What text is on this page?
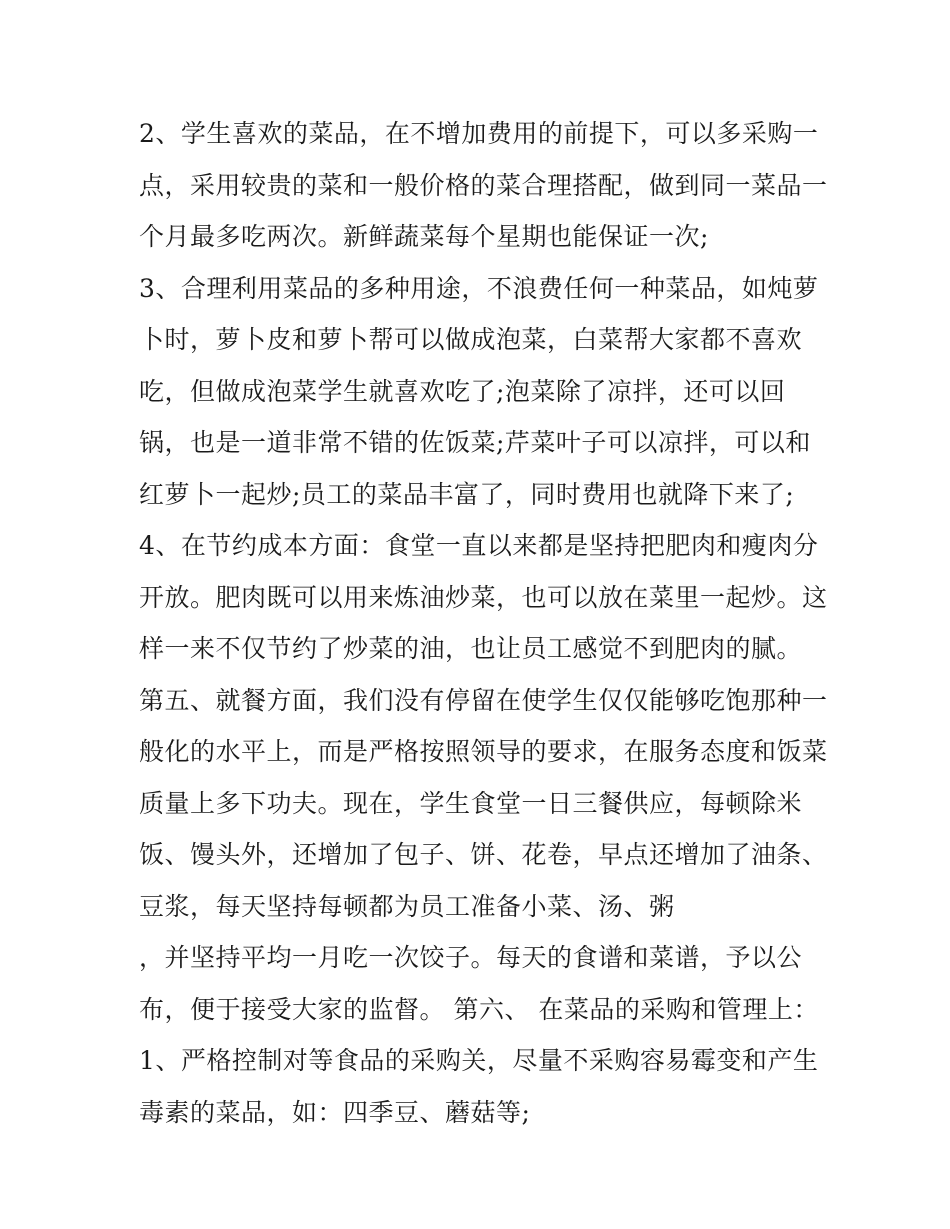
2、学生喜欢的菜品，在不增加费用的前提下，可以多采购一
点，采用较贵的菜和一般价格的菜合理搭配，做到同一菜品一
个月最多吃两次。新鲜蔬菜每个星期也能保证一次;
3、合理利用菜品的多种用途，不浪费任何一种菜品，如炖萝
卜时，萝卜皮和萝卜帮可以做成泡菜，白菜帮大家都不喜欢
吃，但做成泡菜学生就喜欢吃了;泡菜除了凉拌，还可以回
锅，也是一道非常不错的佐饭菜;芹菜叶子可以凉拌，可以和
红萝卜一起炒;员工的菜品丰富了，同时费用也就降下来了;
4、在节约成本方面：食堂一直以来都是坚持把肥肉和瘦肉分
开放。肥肉既可以用来炼油炒菜，也可以放在菜里一起炒。这
样一来不仅节约了炒菜的油，也让员工感觉不到肥肉的腻。
第五、就餐方面，我们没有停留在使学生仅仅能够吃饱那种一
般化的水平上，而是严格按照领导的要求，在服务态度和饭菜
质量上多下功夫。现在，学生食堂一日三餐供应，每顿除米
饭、馒头外，还增加了包子、饼、花卷，早点还增加了油条、
豆浆，每天坚持每顿都为员工准备小菜、汤、粥
，并坚持平均一月吃一次饺子。每天的食谱和菜谱，予以公
布，便于接受大家的监督。 第六、 在菜品的采购和管理上：
1、严格控制对等食品的采购关，尽量不采购容易霉变和产生
毒素的菜品，如：四季豆、蘑菇等;
